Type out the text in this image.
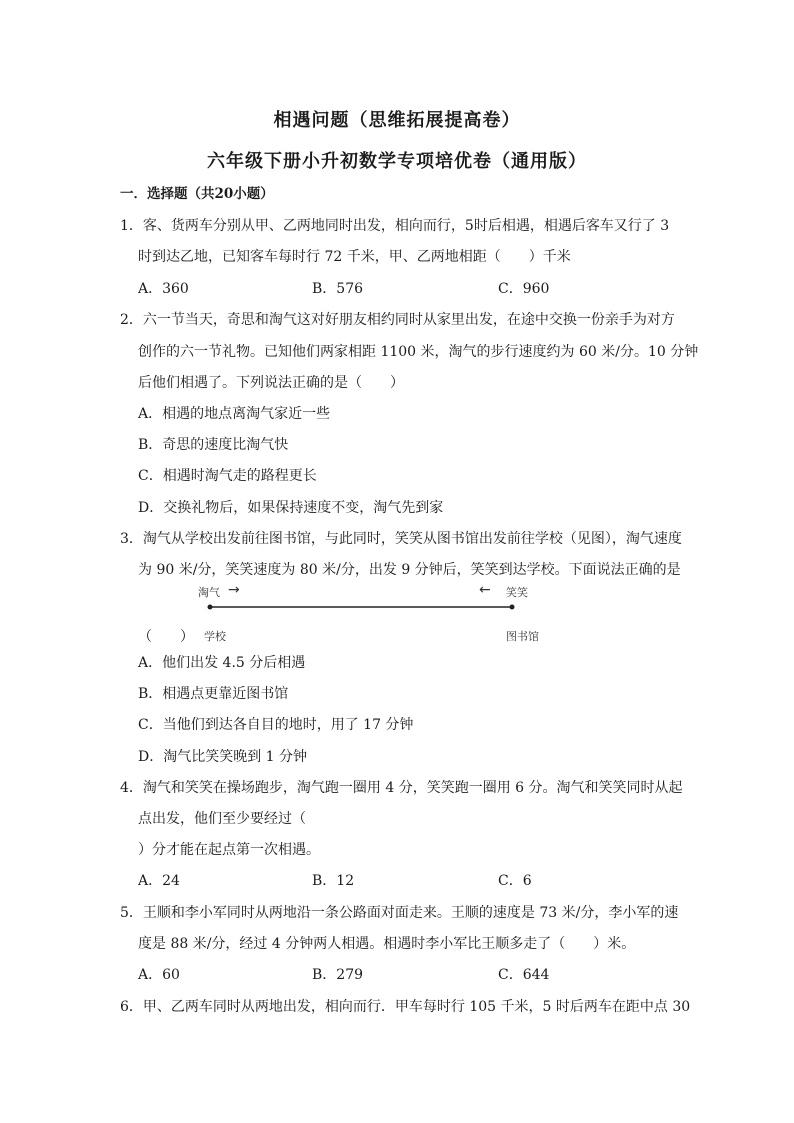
相遇问题（思维拓展提高卷）
六年级下册小升初数学专项培优卷（通用版）
一．选择题（共20小题）
1．客、货两车分别从甲、乙两地同时出发，相向而行，5时后相遇，相遇后客车又行了 3
时到达乙地，已知客车每时行 72 千米，甲、乙两地相距（　　）千米
A．360	B．576	C．960
2．六一节当天，奇思和淘气这对好朋友相约同时从家里出发，在途中交换一份亲手为对方
创作的六一节礼物。已知他们两家相距 1100 米，淘气的步行速度约为 60 米/分。10 分钟
后他们相遇了。下列说法正确的是（　　）
A．相遇的地点离淘气家近一些
B．奇思的速度比淘气快
C．相遇时淘气走的路程更长
D．交换礼物后，如果保持速度不变，淘气先到家
3．淘气从学校出发前往图书馆，与此同时，笑笑从图书馆出发前往学校（见图），淘气速度
为 90 米/分，笑笑速度为 80 米/分，出发 9 分钟后，笑笑到达学校。下面说法正确的是
淘气 →	← 笑笑
学校	图书馆
（　　）
A．他们出发 4.5 分后相遇
B．相遇点更靠近图书馆
C．当他们到达各自目的地时，用了 17 分钟
D．淘气比笑笑晚到 1 分钟
4．淘气和笑笑在操场跑步，淘气跑一圈用 4 分，笑笑跑一圈用 6 分。淘气和笑笑同时从起
点出发，他们至少要经过（
）分才能在起点第一次相遇。
A．24	B．12	C．6
5．王顺和李小军同时从两地沿一条公路面对面走来。王顺的速度是 73 米/分，李小军的速
度是 88 米/分，经过 4 分钟两人相遇。相遇时李小军比王顺多走了（　　）米。
A．60	B．279	C．644
6．甲、乙两车同时从两地出发，相向而行．甲车每时行 105 千米，5 时后两车在距中点 30
